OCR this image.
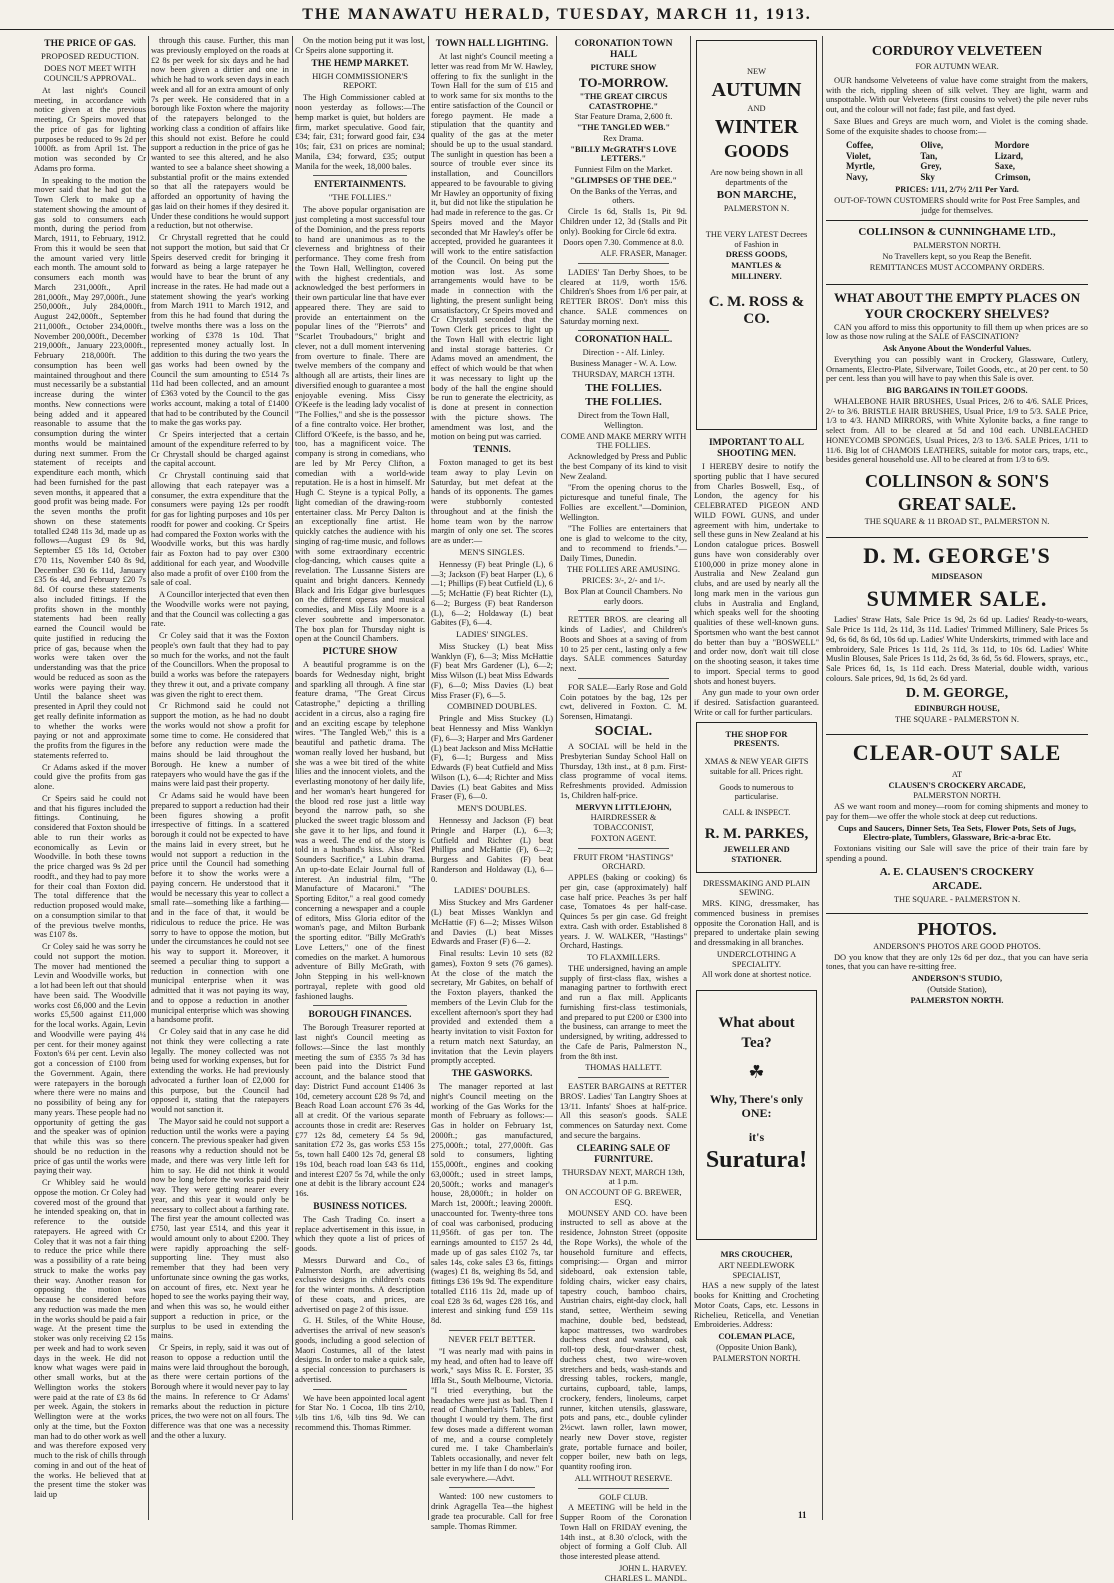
THE MANAWATU HERALD, TUESDAY, MARCH 11, 1913.
THE PRICE OF GAS.
PROPOSED REDUCTION.
DOES NOT MEET WITH COUNCIL'S APPROVAL.

At last night's Council meeting, in accordance with notice given at the previous meeting, Cr Speirs moved that the price of gas for lighting purposes be reduced to 9s 2d per 1000ft. as from April 1st. The motion was seconded by Cr Adams pro forma.

In speaking to the motion the mover said that he had got the Town Clerk to make up a statement showing the amount of gas sold to consumers each month, during the period from March, 1911, to February, 1912. From this it would be seen that the amount varied very little each month. The amount sold to consumers each month was March 231,000ft., April 281,000ft., May 297,000ft., June 250,000ft., July 284,000ft., August 242,000ft., September 211,000ft., October 234,000ft., November 200,000ft., December 219,000ft., January 223,000ft., February 218,000ft. The consumption has been well maintained throughout and there must necessarily be a substantial increase during the winter months. New connections were being added and it appeared reasonable to assume that the consumption during the winter months would be maintained during next summer. From the statement of receipts and expenditure each month, which had been furnished for the past seven months, it appeared that a good profit was being made. For the seven months the profit shown on these statements totalled £248 11s 3d, made up as follows—August £9 8s 9d, September £5 18s 1d, October £70 11s, November £40 8s 9d, December £30 6s 11d, January £35 6s 4d, and February £20 7s 8d. Of course these statements also included fittings. If the profits shown in the monthly statements had been really earned the Council would be quite justified in reducing the price of gas, because when the works were taken over the understanding was that the price would be reduced as soon as the works were paying their way. Until the balance sheet was presented in April they could not get really definite information as to whether the works were paying or not and approximate the profits from the figures in the statements referred to.

Cr Adams asked if the mover could give the profits from gas alone.

Cr Speirs said he could not and that his figures included the fittings. Continuing, he considered that Foxton should be able to run their works as economically as Levin or Woodville. In both these towns the price charged was 9s 2d per roodft., and they had to pay more for their coal than Foxton did. The total difference that the reduction proposed would make, on a consumption similar to that of the previous twelve months, was £107 8s.

Cr Coley said he was sorry he could not support the motion. The mover had mentioned the Levin and Woodville works, but a lot had been left out that should have been said. The Woodville works cost £6,000 and the Levin works £5,500 against £11,000 for the local works. Again, Levin and Woodville were paying 4¼ per cent. for their money against Foxton's 6¼ per cent. Levin also got a concession of £100 from the Government. Again, there were ratepayers in the borough where there were no mains and no possibility of being any for many years. These people had no opportunity of getting the gas and the speaker was of opinion that while this was so there should be no reduction in the price of gas until the works were paying their way.

Cr Whibley said he would oppose the motion. Cr Coley had covered most of the ground that he intended speaking on, that in reference to the outside ratepayers. He agreed with Cr Coley that it was not a fair thing to reduce the price while there was a possibility of a rate being struck to make the works pay their way. Another reason for opposing the motion was because he considered before any reduction was made the men in the works should be paid a fair wage. At the present time the stoker was only receiving £2 15s per week and had to work seven days in the week. He did not know what wages were paid in other small works, but at the Wellington works the stokers were paid at the rate of £3 8s 6d per week. Again, the stokers in Wellington were at the works only at the time, but the Foxton man had to do other work as well and was therefore exposed very much to the risk of chills through coming in and out of the heat of the works. He believed that at the present time the stoker was laid up

through this cause. Further, this man was previously employed on the roads at £2 8s per week for six days and he had now been given a dirtier and one in which he had to work seven days in each week and all for an extra amount of only 7s per week. He considered that in a borough like Foxton where the majority of the ratepayers belonged to the working class a condition of affairs like this should not exist. Before he could support a reduction in the price of gas he wanted to see this altered, and he also wanted to see a balance sheet showing a substantial profit or the mains extended so that all the ratepayers would be afforded an opportunity of having the gas laid on their homes if they desired it. Under these conditions he would support a reduction, but not otherwise.

Cr Chrystall regretted that he could not support the motion, but said that Cr Speirs deserved credit for bringing it forward as being a large ratepayer he would have to bear the brunt of any increase in the rates. He had made out a statement showing the year's working from March 1911 to March 1912, and from this he had found that during the twelve months there was a loss on the working of £378 1s 10d. That represented money actually lost. In addition to this during the two years the gas works had been owned by the Council the sum amounting to £514 7s 11d had been collected, and an amount of £363 voted by the Council to the gas works account, making a total of £1400 that had to be contributed by the Council to make the gas works pay.

Cr Speirs interjected that a certain amount of the expenditure referred to by Cr Chrystall should be charged against the capital account.

Cr Chrystall continuing said that allowing that each ratepayer was a consumer, the extra expenditure that the consumers were paying 12s per roodft for gas for lighting purposes and 10s per roodft for power and cooking. Cr Speirs had compared the Foxton works with the Woodville works, but this was hardly fair as Foxton had to pay over £300 additional for each year, and Woodville also made a profit of over £100 from the sale of coal.

A Councillor interjected that even then the Woodville works were not paying, and that the Council was collecting a gas rate.

Cr Coley said that it was the Foxton people's own fault that they had to pay so much for the works, and not the fault of the Councillors. When the proposal to build a works was before the ratepayers they threw it out, and a private company was given the right to erect them.

Cr Richmond said he could not support the motion, as he had no doubt the works would not show a profit for some time to come. He considered that before any reduction were made the mains should be laid throughout the Borough. He knew a number of ratepayers who would have the gas if the mains were laid past their property.

Cr Adams said he would have been prepared to support a reduction had their been figures showing a profit irrespective of fittings. In a scattered borough it could not be expected to have the mains laid in every street, but he would not support a reduction in the price until the Council had something before it to show the works were a paying concern. He understood that it would be necessary this year to collect a small rate—something like a farthing—and in the face of that, it would be ridiculous to reduce the price. He was sorry to have to oppose the motion, but under the circumstances he could not see his way to support it. Moreover, it seemed a peculiar thing to support a reduction in connection with one municipal enterprise when it was admitted that it was not paying its way, and to oppose a reduction in another municipal enterprise which was showing a handsome profit.

Cr Coley said that in any case he did not think they were collecting a rate legally. The money collected was not being used for working expenses, but for extending the works. He had previously advocated a further loan of £2,000 for this purpose, but the Council had opposed it, stating that the ratepayers would not sanction it.

The Mayor said he could not support a reduction until the works were a paying concern. The previous speaker had given reasons why a reduction should not be made, and there was very little left for him to say. He did not think it would now be long before the works paid their way. They were getting nearer every year, and this year it would only be necessary to collect about a farthing rate. The first year the amount collected was £750, last year £514, and this year it would amount only to about £200. They were rapidly approaching the self-supporting line. They must also remember that they had been very unfortunate since owning the gas works, on account of fires, etc. Next year he hoped to see the works paying their way, and when this was so, he would either support a reduction in price, or the surplus to be used in extending the mains.

Cr Speirs, in reply, said it was out of reason to oppose a reduction until the mains were laid throughout the borough, as there were certain portions of the Borough where it would never pay to lay the mains. In reference to Cr Adams' remarks about the reduction in picture prices, the two were not on all fours. The difference was that one was a necessity and the other a luxury.

On the motion being put it was lost, Cr Speirs alone supporting it.

THE HEMP MARKET.
HIGH COMMISSIONER'S REPORT.

The High Commissioner cabled at noon yesterday as follows:—The hemp market is quiet, but holders are firm, market speculative. Good fair, £34; fair, £31; forward good fair, £34 10s; fair, £31 on prices are nominal; Manila, £34; forward, £35; output Manila for the week, 18,000 bales.

ENTERTAINMENTS.
"THE FOLLIES."

The above popular organisation are just completing a most successful tour of the Dominion, and the press reports to hand are unanimous as to the cleverness and brightness of their performance. They come fresh from the Town Hall, Wellington, covered with the highest credentials, and acknowledged the best performers in their own particular line that have ever appeared there. They are said to provide an entertainment on the popular lines of the "Pierrots" and "Scarlet Troubadours," bright and clever, not a dull moment intervening from overture to finale. There are twelve members of the company and although all are artists, their lines are diversified enough to guarantee a most enjoyable evening. Miss Cissy O'Keefe is the leading lady vocalist of "The Follies," and she is the possessor of a fine contralto voice. Her brother, Clifford O'Keefe, is the basso, and he, too, has a magnificent voice. The company is strong in comedians, who are led by Mr Percy Clifton, a comedian with a world-wide reputation. He is a host in himself. Mr Hugh C. Steyne is a typical Polly, a light comedian of the drawing-room entertainer class. Mr Percy Dalton is an exceptionally fine artist. He quickly catches the audience with his singing of rag-time music, and follows with some extraordinary eccentric clog-dancing, which causes quite a revelation. The Lussanne Sisters are quaint and bright dancers. Kennedy Black and Iris Edgar give burlesques on the different operas and musical comedies, and Miss Lily Moore is a clever soubrette and impersonator. The box plan for Thursday night is open at the Council Chambers.

PICTURE SHOW

A beautiful programme is on the boards for Wednesday night, bright and sparkling all through. A fine star feature drama, "The Great Circus Catastrophe," depicting a thrilling accident in a circus, also a raging fire and an exciting escape by telephone wires. "The Tangled Web," this is a beautiful and pathetic drama. The woman really loved her husband, but she was a wee bit tired of the white lilies and the innocent violets, and the everlasting monotony of her daily life, and her woman's heart hungered for the blood red rose just a little way beyond the narrow path, so she plucked the sweet tragic blossom and she gave it to her lips, and found it was a weed. The end of the story is told in a husband's kiss. Also "Red Sounders Sacrifice," a Lubin drama. An up-to-date Eclair Journal full of interest. An industrial film, "The Manufacture of Macaroni." "The Sporting Editor," a real good comedy concerning a newspaper and a couple of editors, Miss Gloria editor of the woman's page, and Milton Burbank the sporting editor. "Billy McGrath's Love Letters," one of the finest comedies on the market. A humorous adventure of Billy McGrath, with John Stepping in his well-known portrayal, replete with good old fashioned laughs.

BOROUGH FINANCES.

The Borough Treasurer reported at last night's Council meeting as follows:—Since the last monthly meeting the sum of £355 7s 3d has been paid into the District Fund account, and the balance stood that day: District Fund account £1406 3s 10d, cemetery account £28 9s 7d, and Beach Road Loan account £76 3s 4d, all at credit. Of the various separate accounts those in credit are: Reserves £77 12s 8d, cemetery £4 5s 9d, sanitation £72 3s, gas works £53 15s 5s, town hall £400 12s 7d, general £8 19s 10d, beach road loan £43 6s 11d, and interest £207 5s 7d, while the only one at debit is the library account £24 16s.

BUSINESS NOTICES.

The Cash Trading Co. insert a replace advertisement in this issue, in which they quote a list of prices of goods.

Messrs Durward and Co., of Palmerston North, are advertising exclusive designs in children's coats for the winter months. A description of these coats, and prices, are advertised on page 2 of this issue.

G. H. Stiles, of the White House, advertises the arrival of new season's goods, including a good selection of Maori Costumes, all of the latest designs. In order to make a quick sale, a special concession to purchasers is advertised.

We have been appointed local agent for Star No. 1 Cocoa, 1lb tins 2/10, ½lb tins 1/6, ¼lb tins 9d. We can recommend this. Thomas Rimmer.

TOWN HALL LIGHTING.

At last night's Council meeting a letter was read from Mr W. Hawley, offering to fix the sunlight in the Town Hall for the sum of £15 and to work same for six months to the entire satisfaction of the Council or forego payment. He made a stipulation that the quantity and quality of the gas at the meter should be up to the usual standard. The sunlight in question has been a source of trouble ever since its installation, and Councillors appeared to be favourable to giving Mr Hawley an opportunity of fixing it, but did not like the stipulation he had made in reference to the gas. Cr Speirs moved and the Mayor seconded that Mr Hawley's offer be accepted, provided he guarantees it will work to the entire satisfaction of the Council. On being put the motion was lost. As some arrangements would have to be made in connection with the lighting, the present sunlight being unsatisfactory, Cr Speirs moved and Cr Chrystall seconded that the Town Clerk get prices to light up the Town Hall with electric light and instal storage batteries. Cr Adams moved an amendment, the effect of which would be that when it was necessary to light up the body of the hall the engine should be run to generate the electricity, as is done at present in connection with the picture shows. The amendment was lost, and the motion on being put was carried.

TENNIS.

Foxton managed to get its best team away to play Levin on Saturday, but met defeat at the hands of its opponents. The games were stubbornly contested throughout and at the finish the home team won by the narrow margin of only one set. The scores are as under:—

MEN'S SINGLES.

Hennessy (F) beat Pringle (L), 6—3; Jackson (F) beat Harper (L), 6—1; Phillips (F) beat Cutfield (L), 6—5; McHattie (F) beat Richter (L), 6—2; Burgess (F) beat Randerson (L), 6—2; Holdaway (L) beat Gabites (F), 6—4.

LADIES' SINGLES.

Miss Stuckey (L) beat Miss Wanklyn (F), 6—3; Miss McHattie (F) beat Mrs Gardener (L), 6—2; Miss Wilson (L) beat Miss Edwards (F), 6—0; Miss Davies (L) beat Miss Fraser (F), 6—5.

COMBINED DOUBLES.

Pringle and Miss Stuckey (L) beat Hennessy and Miss Wanklyn (F), 6—3; Harper and Mrs Gardener (L) beat Jackson and Miss McHattie (F), 6—1; Burgess and Miss Edwards (F) beat Cutfield and Miss Wilson (L), 6—4; Richter and Miss Davies (L) beat Gabites and Miss Fraser (F), 6—0.

MEN'S DOUBLES.

Hennessy and Jackson (F) beat Pringle and Harper (L), 6—3; Cutfield and Richter (L) beat Phillips and McHattie (F), 6—2; Burgess and Gabites (F) beat Randerson and Holdaway (L), 6—0.

LADIES' DOUBLES.

Miss Stuckey and Mrs Gardener (L) beat Misses Wanklyn and McHattie (F) 6—2; Misses Wilson and Davies (L) beat Misses Edwards and Fraser (F) 6—2.

Final results: Levin 10 sets (82 games), Foxton 9 sets (76 games). At the close of the match the secretary, Mr Gabites, on behalf of the Foxton players, thanked the members of the Levin Club for the excellent afternoon's sport they had provided and extended them a hearty invitation to visit Foxton for a return match next Saturday, an invitation that the Levin players promptly accepted.

THE GASWORKS.

The manager reported at last night's Council meeting on the working of the Gas Works for the month of February as follows:—Gas in holder on February 1st, 2000ft.; gas manufactured, 275,000ft.; total, 277,000ft. Gas sold to consumers, lighting 155,000ft., engines and cooking 63,000ft.; used in street lamps, 20,500ft.; works and manager's house, 28,000ft.; in holder on March 1st, 2000ft.; leaving 2000ft. unaccounted for. Twenty-three tons of coal was carbonised, producing 11,956ft. of gas per ton. The earnings amounted to £157 2s 4d, made up of gas sales £102 7s, tar sales 14s, coke sales £3 6s, fittings (wages) £1 8s, weighing 8s 5d, and fittings £36 19s 9d. The expenditure totalled £116 11s 2d, made up of coal £28 3s 6d, wages £28 16s, and interest and sinking fund £59 11s 8d.

NEVER FELT BETTER.

"I was nearly mad with pains in my head, and often had to leave off work," says Miss R. E. Forster, 35 Iffla St., South Melbourne, Victoria. "I tried everything, but the headaches were just as bad. Then I read of Chamberlain's Tablets, and thought I would try them. The first few doses made a different woman of me, and a course completely cured me. I take Chamberlain's Tablets occasionally, and never felt better in my life than I do now." For sale everywhere.—Advt.

Wanted: 100 new customers to drink Agragella Tea—the highest grade tea procurable. Call for free sample. Thomas Rimmer.

CORONATION TOWN HALL
PICTURE SHOW
TO-MORROW.
"THE GREAT CIRCUS CATASTROPHE."
Star Feature Drama, 2,600 ft.
"THE TANGLED WEB."
Rex Drama.
"BILLY McGRATH'S LOVE LETTERS."
Funniest Film on the Market.
"GLIMPSES OF THE DEE."
On the Banks of the Yerras, and others.

Circle 1s 6d, Stalls 1s, Pit 9d. Children under 12, 3d (Stalls and Pit only). Booking for Circle 6d extra.

Doors open 7.30. Commence at 8.0.
ALF. FRASER, Manager.

LADIES' Tan Derby Shoes, to be cleared at 11/9, worth 15/6. Children's Shoes from 1/6 per pair, at RETTER BROS'. Don't miss this chance. SALE commences on Saturday morning next.

CORONATION HALL.
Direction - - Alf. Linley.
Business Manager - W. A. Low.
THURSDAY, MARCH 13TH.
THE FOLLIES.
THE FOLLIES.
Direct from the Town Hall, Wellington.
COME AND MAKE MERRY WITH THE FOLLIES.

Acknowledged by Press and Public the best Company of its kind to visit New Zealand.

"From the opening chorus to the picturesque and tuneful finale, The Follies are excellent."—Dominion, Wellington.

"The Follies are entertainers that one is glad to welcome to the city, and to recommend to friends."—Daily Times, Dunedin.

THE FOLLIES ARE AMUSING.
PRICES: 3/-, 2/- and 1/-.
Box Plan at Council Chambers. No early doors.

RETTER BROS. are clearing all kinds of Ladies', and Children's Boots and Shoes at a saving of from 10 to 25 per cent., lasting only a few days. SALE commences Saturday next.

FOR SALE—Early Rose and Gold Coin potatoes by the bag, 12s per cwt, delivered in Foxton. C. M. Sorensen, Himatangi.

SOCIAL.

A SOCIAL will be held in the Presbyterian Sunday School Hall on Thursday, 13th inst., at 8 p.m. First-class programme of vocal items. Refreshments provided. Admission 1s, Children half-price.

MERVYN LITTLEJOHN,
HAIRDRESSER & TOBACCONIST,
FOXTON AGENT.
FRUIT FROM "HASTINGS" ORCHARD.

APPLES (baking or cooking) 6s per gin, case (approximately) half case half price. Peaches 3s per half case, Tomatoes 4s per half-case. Quinces 5s per gin case. Gd freight extra. Cash with order. Established 8 years. J. W. WALKER, "Hastings" Orchard, Hastings.

TO FLAXMILLERS.

THE undersigned, having an ample supply of first-class flax, wishes a managing partner to forthwith erect and run a flax mill. Applicants furnishing first-class testimonials, and prepared to put £200 or £300 into the business, can arrange to meet the undersigned, by writing, addressed to the Cafe de Paris, Palmerston N., from the 8th inst.

THOMAS HALLETT.

EASTER BARGAINS at RETTER BROS'. Ladies' Tan Langtry Shoes at 13/11. Infants' Shoes at half-price. All this season's goods. SALE commences on Saturday next. Come and secure the bargains.

CLEARING SALE OF FURNITURE.
THURSDAY NEXT, MARCH 13th, at 1 p.m.
ON ACCOUNT OF G. BREWER, ESQ.

MOUNSEY AND CO. have been instructed to sell as above at the residence, Johnston Street (opposite the Rope Works), the whole of the household furniture and effects, comprising:— Organ and mirror sideboard, oak extension table, folding chairs, wicker easy chairs, tapestry couch, bamboo chairs, Austrian chairs, eight-day clock, hall stand, settee, Wertheim sewing machine, double bed, bedstead, kapoc mattresses, two wardrobes duchess chest and washstand, oak roll-top desk, four-drawer chest, duchess chest, two wire-woven stretchers and beds, wash-stands and dressing tables, rockers, mangle, curtains, cupboard, table, lamps, crockery, fenders, linoleums, carpet runner, kitchen utensils, glassware, pots and pans, etc., double cylinder 2½cwt. lawn roller, lawn mower, nearly new Dover stove, register grate, portable furnace and boiler, copper boiler, new bath on legs, quantity roofing iron.

ALL WITHOUT RESERVE.
GOLF CLUB.

A MEETING will be held in the Supper Room of the Coronation Town Hall on FRIDAY evening, the 14th inst., at 8.30 o'clock, with the object of forming a Golf Club. All those interested please attend.

JOHN L. HARVEY.
CHARLES L. MANDL.
NEW
AUTUMN
AND
WINTER
GOODS
Are now being shown in all departments of the
BON MARCHE,
PALMERSTON N.
THE VERY LATEST Decrees of Fashion in
DRESS GOODS,
MANTLES &
MILLINERY.
C. M. ROSS & CO.
IMPORTANT TO ALL SHOOTING MEN.

I HEREBY desire to notify the sporting public that I have secured from Charles Boswell, Esq., of London, the agency for his CELEBRATED PIGEON AND WILD FOWL GUNS, and under agreement with him, undertake to sell these guns in New Zealand at his London catalogue prices. Boswell guns have won considerably over £100,000 in prize money alone in Australia and New Zealand gun clubs, and are used by nearly all the long mark men in the various gun clubs in Australia and England, which speaks well for the shooting qualities of these well-known guns. Sportsmen who want the best cannot do better than buy a "BOSWELL" and order now, don't wait till close on the shooting season, it takes time to import. Special terms to good shots and honest buyers.

Any gun made to your own order if desired. Satisfaction guaranteed. Write or call for further particulars.

THE SHOP FOR PRESENTS.
XMAS & NEW YEAR GIFTS suitable for all. Prices right.
Goods to numerous to particularise.
CALL & INSPECT.
R. M. PARKES,
JEWELLER AND STATIONER.
DRESSMAKING AND PLAIN SEWING.

MRS. KING, dressmaker, has commenced business in premises opposite the Coronation Hall, and is prepared to undertake plain sewing and dressmaking in all branches.

UNDERCLOTHING A SPECIALITY.
All work done at shortest notice.
What about
Tea?
☘
Why, There's only ONE:
it's
Suratura!
MRS CROUCHER,
ART NEEDLEWORK SPECIALIST,

HAS a new supply of the latest books for Knitting and Crocheting Motor Coats, Caps, etc. Lessons in Richelieu, Reticella, and Venetian Embroideries. Address:

COLEMAN PLACE,
(Opposite Union Bank),
PALMERSTON NORTH.
CORDUROY VELVETEEN
FOR AUTUMN WEAR.

OUR handsome Velveteens of value have come straight from the makers, with the rich, rippling sheen of silk velvet. They are light, warm and unspottable. With our Velveteens (first cousins to velvet) the pile never rubs out, and the colour will not fade; fast pile, and fast dyed.

Saxe Blues and Greys are much worn, and Violet is the coming shade. Some of the exquisite shades to choose from:—

Coffee,	Olive,	Mordore
Violet,	Tan,	Lizard,
Myrtle,	Grey,	Saxe,
Navy,	Sky	Crimson,
PRICES: 1/11, 2/7½ 2/11 Per Yard.
OUT-OF-TOWN CUSTOMERS should write for Post Free Samples, and judge for themselves.
COLLINSON & CUNNINGHAME LTD.,
PALMERSTON NORTH.
No Travellers kept, so you Reap the Benefit.
REMITTANCES MUST ACCOMPANY ORDERS.
WHAT ABOUT THE EMPTY PLACES ON YOUR CROCKERY SHELVES?

CAN you afford to miss this opportunity to fill them up when prices are so low as those now ruling at the SALE of FASCINATION?

Ask Anyone About the Wonderful Values.

Everything you can possibly want in Crockery, Glassware, Cutlery, Ornaments, Electro-Plate, Silverware, Toilet Goods, etc., at 20 per cent. to 50 per cent. less than you will have to pay when this Sale is over.

BIG BARGAINS IN TOILET GOODS.

WHALEBONE HAIR BRUSHES, Usual Prices, 2/6 to 4/6. SALE Prices, 2/- to 3/6. BRISTLE HAIR BRUSHES, Usual Price, 1/9 to 5/3. SALE Price, 1/3 to 4/3. HAND MIRRORS, with White Xylonite backs, a fine range to select from. All to be cleared at 5d and 10d each. UNBLEACHED HONEYCOMB SPONGES, Usual Prices, 2/3 to 13/6. SALE Prices, 1/11 to 11/6. Big lot of CHAMOIS LEATHERS, suitable for motor cars, traps, etc., besides general household use. All to be cleared at from 1/3 to 6/9.

COLLINSON & SON'S
GREAT SALE.
THE SQUARE & 11 BROAD ST., PALMERSTON N.
D. M. GEORGE'S
MIDSEASON
SUMMER SALE.

Ladies' Straw Hats, Sale Price 1s 9d, 2s 6d up. Ladies' Ready-to-wears, Sale Price 1s 11d, 2s 11d, 3s 11d. Ladies' Trimmed Millinery, Sale Prices 5s 9d, 6s 6d, 8s 6d, 10s 6d up. Ladies' White Underskirts, trimmed with lace and embroidery, Sale Prices 1s 11d, 2s 11d, 3s 11d, to 10s 6d. Ladies' White Muslin Blouses, Sale Prices 1s 11d, 2s 6d, 3s 6d, 5s 6d. Flowers, sprays, etc., Sale Prices 6d, 1s, 1s 11d each. Dress Material, double width, various colours. Sale prices, 9d, 1s 6d, 2s 6d yard.

D. M. GEORGE,
EDINBURGH HOUSE,
THE SQUARE - PALMERSTON N.
CLEAR-OUT SALE
AT
CLAUSEN'S CROCKERY ARCADE,
PALMERSTON NORTH.

AS we want room and money—room for coming shipments and money to pay for them—we offer the whole stock at deep cut reductions.

Cups and Saucers, Dinner Sets, Tea Sets, Flower Pots, Sets of Jugs, Electro-plate, Tumblers, Glassware, Bric-a-brac Etc.

Foxtonians visiting our Sale will save the price of their train fare by spending a pound.

A. E. CLAUSEN'S CROCKERY
ARCADE.
THE SQUARE. - PALMERSTON N.
PHOTOS.
ANDERSON'S PHOTOS ARE GOOD PHOTOS.

DO you know that they are only 12s 6d per doz., that you can have seria tones, that you can have re-sitting free.

ANDERSON'S STUDIO,
(Outside Station),
PALMERSTON NORTH.
11
